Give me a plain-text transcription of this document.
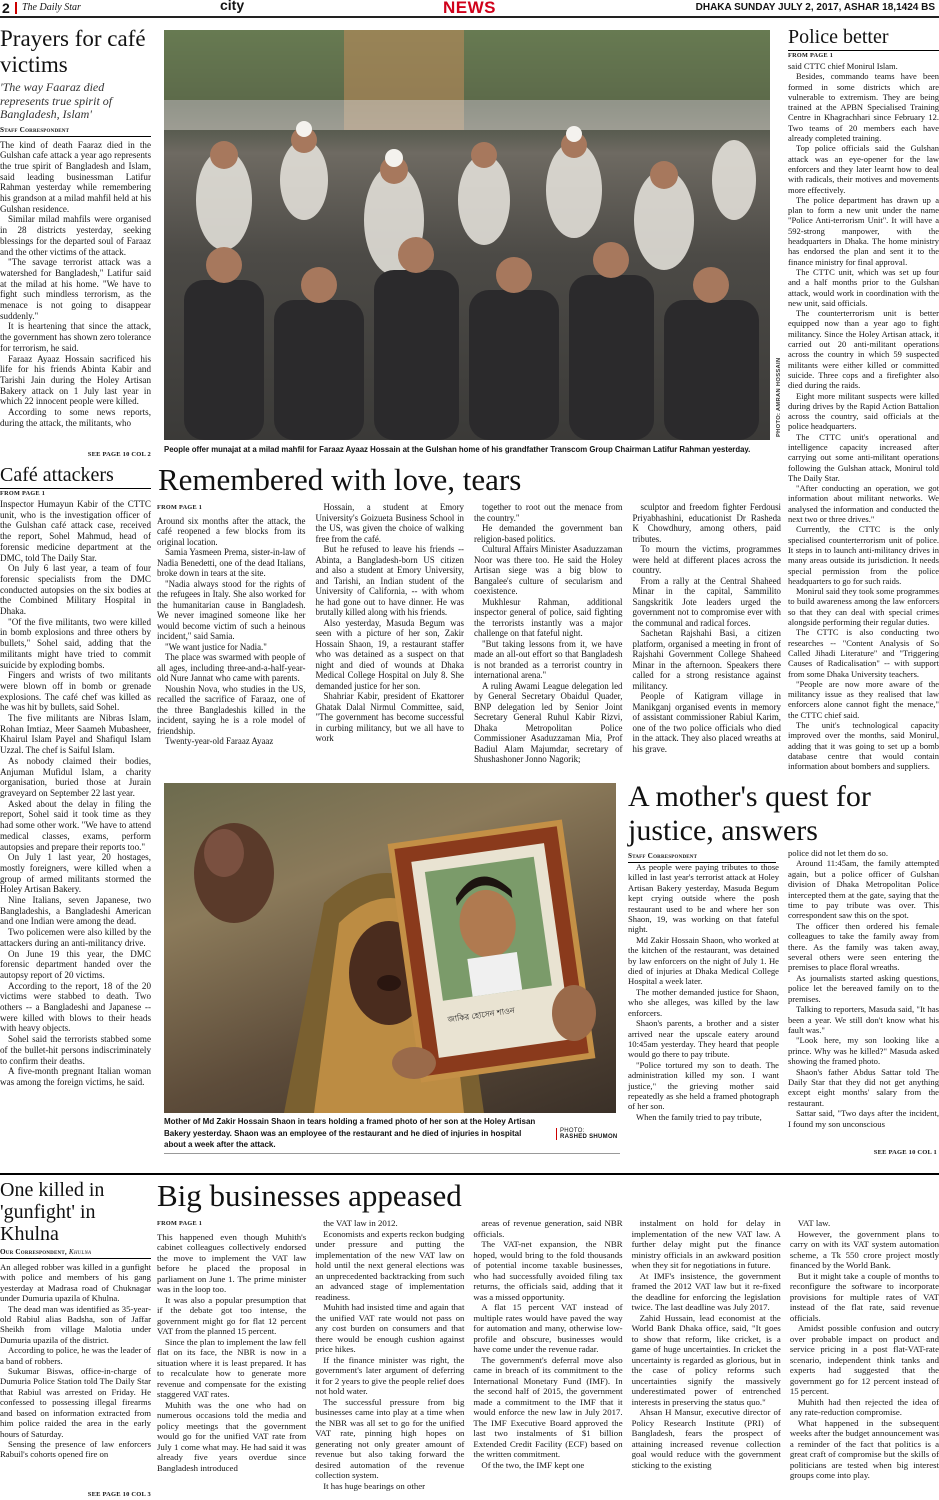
2 The Daily Star	city	NEWS	DHAKA SUNDAY JULY 2, 2017, ASHAR 18,1424 BS
Prayers for café victims
'The way Faaraz died represents true spirit of Bangladesh, Islam'
Staff Correspondent

The kind of death Faaraz died in the Gulshan cafe attack a year ago represents the true spirit of Bangladesh and Islam, said leading businessman Latifur Rahman yesterday while remembering his grandson at a milad mahfil held at his Gulshan residence.

Similar milad mahfils were organised in 28 districts yesterday, seeking blessings for the departed soul of Faraaz and the other victims of the attack.

"The savage terrorist attack was a watershed for Bangladesh," Latifur said at the milad at his home. "We have to fight such mindless terrorism, as the menace is not going to disappear suddenly."

It is heartening that since the attack, the government has shown zero tolerance for terrorism, he said.

Faraaz Ayaaz Hossain sacrificed his life for his friends Abinta Kabir and Tarishi Jain during the Holey Artisan Bakery attack on 1 July last year in which 22 innocent people were killed.

According to some news reports, during the attack, the militants, who

SEE PAGE 10 COL 2
PHOTO: AMRAN HOSSAIN
People offer munajat at a milad mahfil for Faraaz Ayaaz Hossain at the Gulshan home of his grandfather Transcom Group Chairman Latifur Rahman yesterday.
Police better
FROM PAGE 1

said CTTC chief Monirul Islam.

Besides, commando teams have been formed in some districts which are vulnerable to extremism. They are being trained at the APBN Specialised Training Centre in Khagrachhari since February 12. Two teams of 20 members each have already completed training.

Top police officials said the Gulshan attack was an eye-opener for the law enforcers and they later learnt how to deal with radicals, their motives and movements more effectively.

The police department has drawn up a plan to form a new unit under the name "Police Anti-terrorism Unit". It will have a 592-strong manpower, with the headquarters in Dhaka. The home ministry has endorsed the plan and sent it to the finance ministry for final approval.

The CTTC unit, which was set up four and a half months prior to the Gulshan attack, would work in coordination with the new unit, said officials.

The counterterrorism unit is better equipped now than a year ago to fight militancy. Since the Holey Artisan attack, it carried out 20 anti-militant operations across the country in which 59 suspected militants were either killed or committed suicide. Three cops and a firefighter also died during the raids.

Eight more militant suspects were killed during drives by the Rapid Action Battalion across the country, said officials at the police headquarters.

The CTTC unit's operational and intelligence capacity increased after carrying out some anti-militant operations following the Gulshan attack, Monirul told The Daily Star.

"After conducting an operation, we got information about militant networks. We analysed the information and conducted the next two or three drives."

Currently, the CTTC is the only specialised counterterrorism unit of police. It steps in to launch anti-militancy drives in many areas outside its jurisdiction. It needs special permission from the police headquarters to go for such raids.

Monirul said they took some programmes to build awareness among the law enforcers so that they can deal with special crimes alongside performing their regular duties.

The CTTC is also conducting two researches -- "Content Analysis of So Called Jihadi Literature" and "Triggering Causes of Radicalisation" -- with support from some Dhaka University teachers.

"People are now more aware of the militancy issue as they realised that law enforcers alone cannot fight the menace," the CTTC chief said.

The unit's technological capacity improved over the months, said Monirul, adding that it was going to set up a bomb database centre that would contain information about bombers and suppliers.

Café attackers
FROM PAGE 1

Inspector Humayun Kabir of the CTTC unit, who is the investigation officer of the Gulshan café attack case, received the report, Sohel Mahmud, head of forensic medicine department at the DMC, told The Daily Star.

On July 6 last year, a team of four forensic specialists from the DMC conducted autopsies on the six bodies at the Combined Military Hospital in Dhaka.

"Of the five militants, two were killed in bomb explosions and three others by bullets," Sohel said, adding that the militants might have tried to commit suicide by exploding bombs.

Fingers and wrists of two militants were blown off in bomb or grenade explosions. The café chef was killed as he was hit by bullets, said Sohel.

The five militants are Nibras Islam, Rohan Imtiaz, Meer Saameh Mubasheer, Khairul Islam Payel and Shafiqul Islam Uzzal. The chef is Saiful Islam.

As nobody claimed their bodies, Anjuman Mufidul Islam, a charity organisation, buried those at Jurain graveyard on September 22 last year.

Asked about the delay in filing the report, Sohel said it took time as they had some other work. "We have to attend medical classes, exams, perform autopsies and prepare their reports too."

On July 1 last year, 20 hostages, mostly foreigners, were killed when a group of armed militants stormed the Holey Artisan Bakery.

Nine Italians, seven Japanese, two Bangladeshis, a Bangladeshi American and one Indian were among the dead.

Two policemen were also killed by the attackers during an anti-militancy drive.

On June 19 this year, the DMC forensic department handed over the autopsy report of 20 victims.

According to the report, 18 of the 20 victims were stabbed to death. Two others -- a Bangladeshi and Japanese -- were killed with blows to their heads with heavy objects.

Sohel said the terrorists stabbed some of the bullet-hit persons indiscriminately to confirm their deaths.

A five-month pregnant Italian woman was among the foreign victims, he said.

Remembered with love, tears
FROM PAGE 1

Around six months after the attack, the café reopened a few blocks from its original location.

Samia Yasmeen Prema, sister-in-law of Nadia Benedetti, one of the dead Italians, broke down in tears at the site.

"Nadia always stood for the rights of the refugees in Italy. She also worked for the humanitarian cause in Bangladesh. We never imagined someone like her would become victim of such a heinous incident," said Samia.

"We want justice for Nadia."

The place was swarmed with people of all ages, including three-and-a-half-year-old Nure Jannat who came with parents.

Noushin Nova, who studies in the US, recalled the sacrifice of Faraaz, one of the three Bangladeshis killed in the incident, saying he is a role model of friendship.

Twenty-year-old Faraaz Ayaaz

Hossain, a student at Emory University's Goizueta Business School in the US, was given the choice of walking free from the café.

But he refused to leave his friends -- Abinta, a Bangladesh-born US citizen and also a student at Emory University, and Tarishi, an Indian student of the University of California, -- with whom he had gone out to have dinner. He was brutally killed along with his friends.

Also yesterday, Masuda Begum was seen with a picture of her son, Zakir Hossain Shaon, 19, a restaurant staffer who was detained as a suspect on that night and died of wounds at Dhaka Medical College Hospital on July 8. She demanded justice for her son.

Shahriar Kabir, president of Ekattorer Ghatak Dalal Nirmul Committee, said, "The government has become successful in curbing militancy, but we all have to work

together to root out the menace from the country."

He demanded the government ban religion-based politics.

Cultural Affairs Minister Asaduzzaman Noor was there too. He said the Holey Artisan siege was a big blow to Bangalee's culture of secularism and coexistence.

Mukhlesur Rahman, additional inspector general of police, said fighting the terrorists instantly was a major challenge on that fateful night.

"But taking lessons from it, we have made an all-out effort so that Bangladesh is not branded as a terrorist country in international arena."

A ruling Awami League delegation led by General Secretary Obaidul Quader, BNP delegation led by Senior Joint Secretary General Ruhul Kabir Rizvi, Dhaka Metropolitan Police Commissioner Asaduzzaman Mia, Prof Badiul Alam Majumdar, secretary of Shushashoner Jonno Nagorik;

sculptor and freedom fighter Ferdousi Priyabhashini, educationist Dr Rasheda K Chowdhury, among others, paid tributes.

To mourn the victims, programmes were held at different places across the country.

From a rally at the Central Shaheed Minar in the capital, Sammilito Sangskritik Jote leaders urged the government not to compromise ever with the communal and radical forces.

Sachetan Rajshahi Basi, a citizen platform, organised a meeting in front of Rajshahi Government College Shaheed Minar in the afternoon. Speakers there called for a strong resistance against militancy.

People of Katigram village in Manikganj organised events in memory of assistant commissioner Rabiul Karim, one of the two police officials who died in the attack. They also placed wreaths at his grave.

জাকির হোসেন শাওন
Mother of Md Zakir Hossain Shaon in tears holding a framed photo of her son at the Holey Artisan Bakery yesterday. Shaon was an employee of the restaurant and he died of injuries in hospital about a week after the attack.
PHOTO:
RASHED SHUMON
A mother's quest for justice, answers
Staff Correspondent

As people were paying tributes to those killed in last year's terrorist attack at Holey Artisan Bakery yesterday, Masuda Begum kept crying outside where the posh restaurant used to be and where her son Shaon, 19, was working on that fateful night.

Md Zakir Hossain Shaon, who worked at the kitchen of the restaurant, was detained by law enforcers on the night of July 1. He died of injuries at Dhaka Medical College Hospital a week later.

The mother demanded justice for Shaon, who she alleges, was killed by the law enforcers.

Shaon's parents, a brother and a sister arrived near the upscale eatery around 10:45am yesterday. They heard that people would go there to pay tribute.

"Police tortured my son to death. The administration killed my son. I want justice," the grieving mother said repeatedly as she held a framed photograph of her son.

When the family tried to pay tribute,

police did not let them do so.

Around 11:45am, the family attempted again, but a police officer of Gulshan division of Dhaka Metropolitan Police intercepted them at the gate, saying that the time to pay tribute was over. This correspondent saw this on the spot.

The officer then ordered his female colleagues to take the family away from there. As the family was taken away, several others were seen entering the premises to place floral wreaths.

As journalists started asking questions, police let the bereaved family on to the premises.

Talking to reporters, Masuda said, "It has been a year. We still don't know what his fault was."

"Look here, my son looking like a prince. Why was he killed?" Masuda asked showing the framed photo.

Shaon's father Abdus Sattar told The Daily Star that they did not get anything except eight months' salary from the restaurant.

Sattar said, "Two days after the incident, I found my son unconscious

SEE PAGE 10 COL 1
One killed in 'gunfight' in Khulna
Our Correspondent, Khulna

An alleged robber was killed in a gunfight with police and members of his gang yesterday at Madrasa road of Chuknagar under Dumuria upazila of Khulna.

The dead man was identified as 35-year-old Rabiul alias Badsha, son of Jaffar Sheikh from village Malotia under Dumuria upazila of the district.

According to police, he was the leader of a band of robbers.

Sukumar Biswas, office-in-charge of Dumuria Police Station told The Daily Star that Rabiul was arrested on Friday. He confessed to possessing illegal firearms and based on information extracted from him police raided the area in the early hours of Saturday.

Sensing the presence of law enforcers Rabuil's cohorts opened fire on

SEE PAGE 10 COL 3
Big businesses appeased
FROM PAGE 1

This happened even though Muhith's cabinet colleagues collectively endorsed the move to implement the VAT law before he placed the proposal in parliament on June 1. The prime minister was in the loop too.

It was also a popular presumption that if the debate got too intense, the government might go for flat 12 percent VAT from the planned 15 percent.

Since the plan to implement the law fell flat on its face, the NBR is now in a situation where it is least prepared. It has to recalculate how to generate more revenue and compensate for the existing staggered VAT rates.

Muhith was the one who had on numerous occasions told the media and policy meetings that the government would go for the unified VAT rate from July 1 come what may. He had said it was already five years overdue since Bangladesh introduced

the VAT law in 2012.

Economists and experts reckon budging under pressure and putting the implementation of the new VAT law on hold until the next general elections was an unprecedented backtracking from such an advanced stage of implementation readiness.

Muhith had insisted time and again that the unified VAT rate would not pass on any cost burden on consumers and that there would be enough cushion against price hikes.

If the finance minister was right, the government's later argument of deferring it for 2 years to give the people relief does not hold water.

The successful pressure from big businesses came into play at a time when the NBR was all set to go for the unified VAT rate, pinning high hopes on generating not only greater amount of revenue but also taking forward the desired automation of the revenue collection system.

It has huge bearings on other

areas of revenue generation, said NBR officials.

The VAT-net expansion, the NBR hoped, would bring to the fold thousands of potential income taxable businesses, who had successfully avoided filing tax returns, the officials said, adding that it was a missed opportunity.

A flat 15 percent VAT instead of multiple rates would have paved the way for automation and many, otherwise low-profile and obscure, businesses would have come under the revenue radar.

The government's deferral move also came in breach of its commitment to the International Monetary Fund (IMF). In the second half of 2015, the government made a commitment to the IMF that it would enforce the new law in July 2017. The IMF Executive Board approved the last two instalments of $1 billion Extended Credit Facility (ECF) based on the written commitment.

Of the two, the IMF kept one

instalment on hold for delay in implementation of the new VAT law. A further delay might put the finance ministry officials in an awkward position when they sit for negotiations in future.

At IMF's insistence, the government framed the 2012 VAT law but it re-fixed the deadline for enforcing the legislation twice. The last deadline was July 2017.

Zahid Hussain, lead economist at the World Bank Dhaka office, said, "It goes to show that reform, like cricket, is a game of huge uncertainties. In cricket the uncertainty is regarded as glorious, but in the case of policy reforms such uncertainties signify the massively underestimated power of entrenched interests in preserving the status quo."

Ahsan H Mansur, executive director of Policy Research Institute (PRI) of Bangladesh, fears the prospect of attaining increased revenue collection goal would reduce with the government sticking to the existing

VAT law.

However, the government plans to carry on with its VAT system automation scheme, a Tk 550 crore project mostly financed by the World Bank.

But it might take a couple of months to reconfigure the software to incorporate provisions for multiple rates of VAT instead of the flat rate, said revenue officials.

Amidst possible confusion and outcry over probable impact on product and service pricing in a post flat-VAT-rate scenario, independent think tanks and experts had suggested that the government go for 12 percent instead of 15 percent.

Muhith had then rejected the idea of any rate-reduction compromise.

What happened in the subsequent weeks after the budget announcement was a reminder of the fact that politics is a great craft of compromise but the skills of politicians are tested when big interest groups come into play.
